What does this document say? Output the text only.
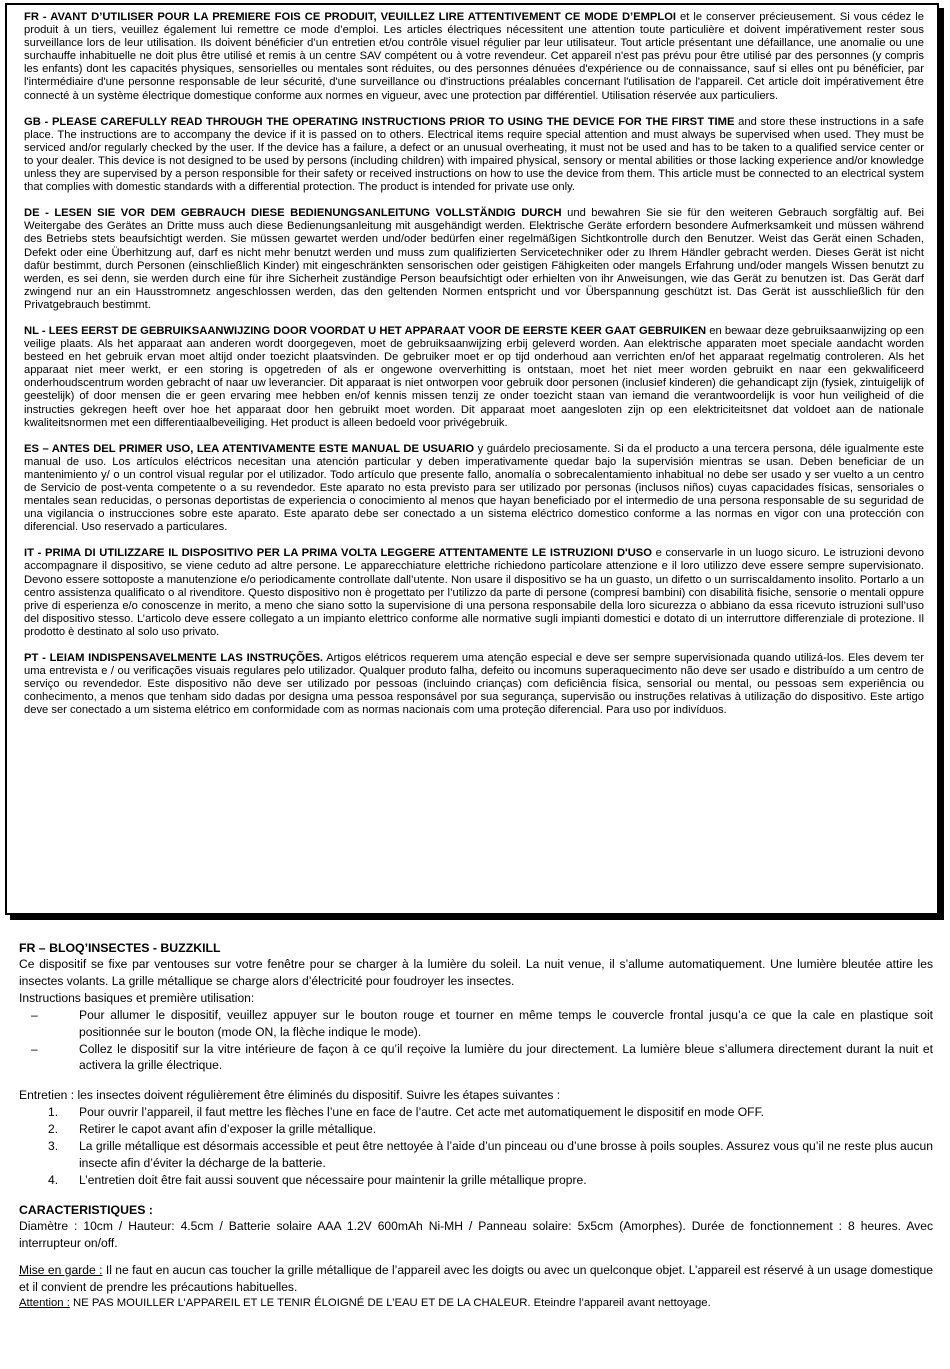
FR - AVANT D’UTILISER POUR LA PREMIERE FOIS CE PRODUIT, VEUILLEZ LIRE ATTENTIVEMENT CE MODE D’EMPLOI et le conserver précieusement. Si vous cédez le produit à un tiers, veuillez également lui remettre ce mode d’emploi. Les articles électriques nécessitent une attention toute particulière et doivent impérativement rester sous surveillance lors de leur utilisation. Ils doivent bénéficier d’un entretien et/ou contrôle visuel régulier par leur utilisateur. Tout article présentant une défaillance, une anomalie ou une surchauffe inhabituelle ne doit plus être utilisé et remis à un centre SAV compétent ou à votre revendeur. Cet appareil n'est pas prévu pour être utilisé par des personnes (y compris les enfants) dont les capacités physiques, sensorielles ou mentales sont réduites, ou des personnes dénuées d'expérience ou de connaissance, sauf si elles ont pu bénéficier, par l'intermédiaire d'une personne responsable de leur sécurité, d'une surveillance ou d'instructions préalables concernant l'utilisation de l'appareil. Cet article doit impérativement être connecté à un système électrique domestique conforme aux normes en vigueur, avec une protection par différentiel. Utilisation réservée aux particuliers.

GB - PLEASE CAREFULLY READ THROUGH THE OPERATING INSTRUCTIONS PRIOR TO USING THE DEVICE FOR THE FIRST TIME and store these instructions in a safe place. The instructions are to accompany the device if it is passed on to others. Electrical items require special attention and must always be supervised when used. They must be serviced and/or regularly checked by the user. If the device has a failure, a defect or an unusual overheating, it must not be used and has to be taken to a qualified service center or to your dealer. This device is not designed to be used by persons (including children) with impaired physical, sensory or mental abilities or those lacking experience and/or knowledge unless they are supervised by a person responsible for their safety or received instructions on how to use the device from them. This article must be connected to an electrical system that complies with domestic standards with a differential protection. The product is intended for private use only.

DE - LESEN SIE VOR DEM GEBRAUCH DIESE BEDIENUNGSANLEITUNG VOLLSTÄNDIG DURCH und bewahren Sie sie für den weiteren Gebrauch sorgfältig auf. Bei Weitergabe des Gerätes an Dritte muss auch diese Bedienungsanleitung mit ausgehändigt werden. Elektrische Geräte erfordern besondere Aufmerksamkeit und müssen während des Betriebs stets beaufsichtigt werden. Sie müssen gewartet werden und/oder bedürfen einer regelmäßigen Sichtkontrolle durch den Benutzer. Weist das Gerät einen Schaden, Defekt oder eine Überhitzung auf, darf es nicht mehr benutzt werden und muss zum qualifizierten Servicetechniker oder zu Ihrem Händler gebracht werden. Dieses Gerät ist nicht dafür bestimmt, durch Personen (einschließlich Kinder) mit eingeschränkten sensorischen oder geistigen Fähigkeiten oder mangels Erfahrung und/oder mangels Wissen benutzt zu werden, es sei denn, sie werden durch eine für ihre Sicherheit zuständige Person beaufsichtigt oder erhielten von ihr Anweisungen, wie das Gerät zu benutzen ist. Das Gerät darf zwingend nur an ein Hausstromnetz angeschlossen werden, das den geltenden Normen entspricht und vor Überspannung geschützt ist. Das Gerät ist ausschließlich für den Privatgebrauch bestimmt.

NL - LEES EERST DE GEBRUIKSAANWIJZING DOOR VOORDAT U HET APPARAAT VOOR DE EERSTE KEER GAAT GEBRUIKEN en bewaar deze gebruiksaanwijzing op een veilige plaats. Als het apparaat aan anderen wordt doorgegeven, moet de gebruiksaanwijzing erbij geleverd worden. Aan elektrische apparaten moet speciale aandacht worden besteed en het gebruik ervan moet altijd onder toezicht plaatsvinden. De gebruiker moet er op tijd onderhoud aan verrichten en/of het apparaat regelmatig controleren. Als het apparaat niet meer werkt, er een storing is opgetreden of als er ongewone oververhitting is ontstaan, moet het niet meer worden gebruikt en naar een gekwalificeerd onderhoudscentrum worden gebracht of naar uw leverancier. Dit apparaat is niet ontworpen voor gebruik door personen (inclusief kinderen) die gehandicapt zijn (fysiek, zintuigelijk of geestelijk) of door mensen die er geen ervaring mee hebben en/of kennis missen tenzij ze onder toezicht staan van iemand die verantwoordelijk is voor hun veiligheid of die instructies gekregen heeft over hoe het apparaat door hen gebruikt moet worden. Dit apparaat moet aangesloten zijn op een elektriciteitsnet dat voldoet aan de nationale kwaliteitsnormen met een differentiaalbeveiliging. Het product is alleen bedoeld voor privégebruik.

ES – ANTES DEL PRIMER USO, LEA ATENTIVAMENTE ESTE MANUAL DE USUARIO y guárdelo preciosamente. Si da el producto a una tercera persona, déle igualmente este manual de uso. Los artículos eléctricos necesitan una atención particular y deben imperativamente quedar bajo la supervisión mientras se usan. Deben beneficiar de un mantenimiento y/ o un control visual regular por el utilizador. Todo artículo que presente fallo, anomalía o sobrecalentamiento inhabitual no debe ser usado y ser vuelto a un centro de Servicio de post-venta competente o a su revendedor. Este aparato no esta previsto para ser utilizado por personas (inclusos niños) cuyas capacidades físicas, sensoriales o mentales sean reducidas, o personas deportistas de experiencia o conocimiento al menos que hayan beneficiado por el intermedio de una persona responsable de su seguridad de una vigilancia o instrucciones sobre este aparato. Este aparato debe ser conectado a un sistema eléctrico domestico conforme a las normas en vigor con una protección con diferencial. Uso reservado a particulares.

IT - PRIMA DI UTILIZZARE IL DISPOSITIVO PER LA PRIMA VOLTA LEGGERE ATTENTAMENTE LE ISTRUZIONI D'USO e conservarle in un luogo sicuro. Le istruzioni devono accompagnare il dispositivo, se viene ceduto ad altre persone. Le apparecchiature elettriche richiedono particolare attenzione e il loro utilizzo deve essere sempre supervisionato. Devono essere sottoposte a manutenzione e/o periodicamente controllate dall’utente. Non usare il dispositivo se ha un guasto, un difetto o un surriscaldamento insolito. Portarlo a un centro assistenza qualificato o al rivenditore. Questo dispositivo non è progettato per l’utilizzo da parte di persone (compresi bambini) con disabilità fisiche, sensorie o mentali oppure prive di esperienza e/o conoscenze in merito, a meno che siano sotto la supervisione di una persona responsabile della loro sicurezza o abbiano da essa ricevuto istruzioni sull’uso del dispositivo stesso. L’articolo deve essere collegato a un impianto elettrico conforme alle normative sugli impianti domestici e dotato di un interruttore differenziale di protezione. Il prodotto è destinato al solo uso privato.

PT - LEIAM INDISPENSAVELMENTE LAS INSTRUÇÕES. Artigos elétricos requerem uma atenção especial e deve ser sempre supervisionada quando utilizá-los. Eles devem ter uma entrevista e / ou verificações visuais regulares pelo utilizador. Qualquer produto falha, defeito ou incomuns superaquecimento não deve ser usado e distribuído a um centro de serviço ou revendedor. Este dispositivo não deve ser utilizado por pessoas (incluindo crianças) com deficiência física, sensorial ou mental, ou pessoas sem experiência ou conhecimento, a menos que tenham sido dadas por designa uma pessoa responsável por sua segurança, supervisão ou instruções relativas à utilização do dispositivo. Este artigo deve ser conectado a um sistema elétrico em conformidade com as normas nacionais com uma proteção diferencial. Para uso por indivíduos.

FR – BLOQ’INSECTES - BUZZKILL

Ce dispositif se fixe par ventouses sur votre fenêtre pour se charger à la lumière du soleil. La nuit venue, il s’allume automatiquement. Une lumière bleutée attire les insectes volants. La grille métallique se charge alors d’électricité pour foudroyer les insectes.

Instructions basiques et première utilisation:

–	Pour allumer le dispositif, veuillez appuyer sur le bouton rouge et tourner en même temps le couvercle frontal jusqu’a ce que la cale en plastique soit positionnée sur le bouton (mode ON, la flèche indique le mode).
–	Collez le dispositif sur la vitre intérieure de façon à ce qu’il reçoive la lumière du jour directement. La lumière bleue s’allumera directement durant la nuit et activera la grille électrique.

Entretien : les insectes doivent régulièrement être éliminés du dispositif. Suivre les étapes suivantes :

1. Pour ouvrir l’appareil, il faut mettre les flèches l’une en face de l’autre. Cet acte met automatiquement le dispositif en mode OFF.
2. Retirer le capot avant afin d’exposer la grille métallique.
3. La grille métallique est désormais accessible et peut être nettoyée à l’aide d’un pinceau ou d’une brosse à poils souples. Assurez vous qu’il ne reste plus aucun insecte afin d’éviter la décharge de la batterie.
4. L’entretien doit être fait aussi souvent que nécessaire pour maintenir la grille métallique propre.
CARACTERISTIQUES :

Diamètre : 10cm / Hauteur: 4.5cm / Batterie solaire AAA 1.2V 600mAh Ni-MH / Panneau solaire: 5x5cm (Amorphes). Durée de fonctionnement : 8 heures. Avec interrupteur on/off.

Mise en garde : Il ne faut en aucun cas toucher la grille métallique de l’appareil avec les doigts ou avec un quelconque objet. L’appareil est réservé à un usage domestique et il convient de prendre les précautions habituelles.

Attention : NE PAS MOUILLER L’APPAREIL ET LE TENIR ÉLOIGNÉ DE L’EAU ET DE LA CHALEUR. Eteindre l’appareil avant nettoyage.
